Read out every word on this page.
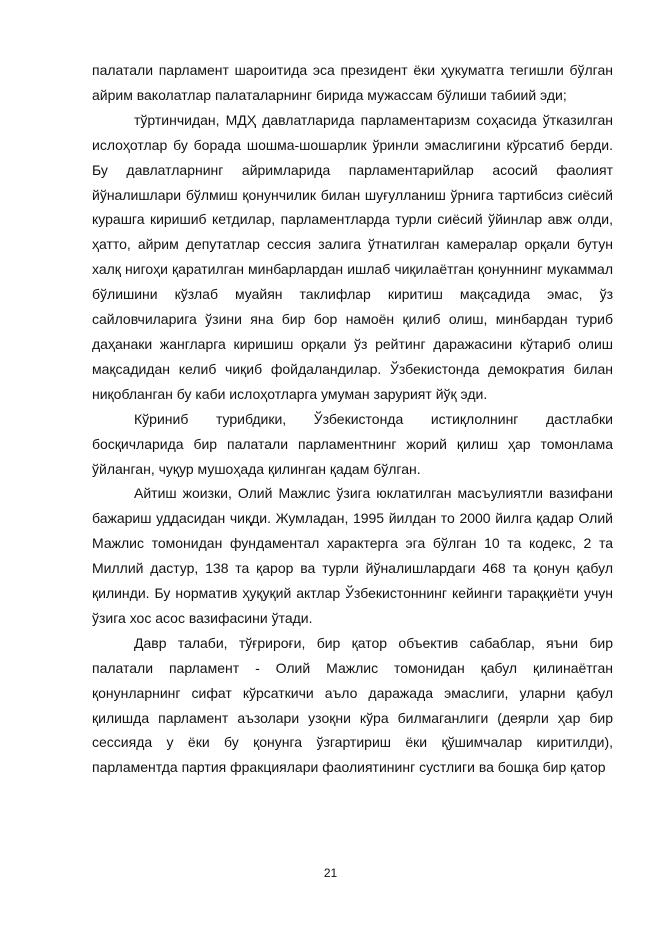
палатали парламент шароитида эса президент ёки ҳукуматга тегишли бўлган айрим ваколатлар палаталарнинг бирида мужассам бўлиши табиий эди;

тўртинчидан, МДҲ давлатларида парламентаризм соҳасида ўтказилган ислоҳотлар бу борада шошма-шошарлик ўринли эмаслигини кўрсатиб берди. Бу давлатларнинг айримларида парламентарийлар асосий фаолият йўналишлари бўлмиш қонунчилик билан шуғулланиш ўрнига тартибсиз сиёсий курашга киришиб кетдилар, парламентларда турли сиёсий ўйинлар авж олди, ҳатто, айрим депутатлар сессия залига ўтнатилган камералар орқали бутун халқ нигоҳи қаратилган минбарлардан ишлаб чиқилаётган қонуннинг мукаммал бўлишини кўзлаб муайян таклифлар киритиш мақсадида эмас, ўз сайловчиларига ўзини яна бир бор намоён қилиб олиш, минбардан туриб даҳанаки жангларга киришиш орқали ўз рейтинг даражасини кўтариб олиш мақсадидан келиб чиқиб фойдаландилар. Ўзбекистонда демократия билан ниқобланган бу каби ислоҳотларга умуман зарурият йўқ эди.

Кўриниб турибдики, Ўзбекистонда истиқлолнинг дастлабки босқичларида бир палатали парламентнинг жорий қилиш ҳар томонлама ўйланган, чуқур мушоҳада қилинган қадам бўлган.

Айтиш жоизки, Олий Мажлис ўзига юклатилган масъулиятли вазифани бажариш уддасидан чиқди. Жумладан, 1995 йилдан то 2000 йилга қадар Олий Мажлис томонидан фундаментал характерга эга бўлган 10 та кодекс, 2 та Миллий дастур, 138 та қарор ва турли йўналишлардаги 468 та қонун қабул қилинди. Бу норматив ҳуқуқий актлар Ўзбекистоннинг кейинги тараққиёти учун ўзига хос асос вазифасини ўтади.

Давр талаби, тўғрироғи, бир қатор объектив сабаблар, яъни бир палатали парламент - Олий Мажлис томонидан қабул қилинаётган қонунларнинг сифат кўрсаткичи аъло даражада эмаслиги, уларни қабул қилишда парламент аъзолари узоқни кўра билмаганлиги (деярли ҳар бир сессияда у ёки бу қонунга ўзгартириш ёки қўшимчалар киритилди), парламентда партия фракциялари фаолиятининг сустлиги ва бошқа бир қатор

21
